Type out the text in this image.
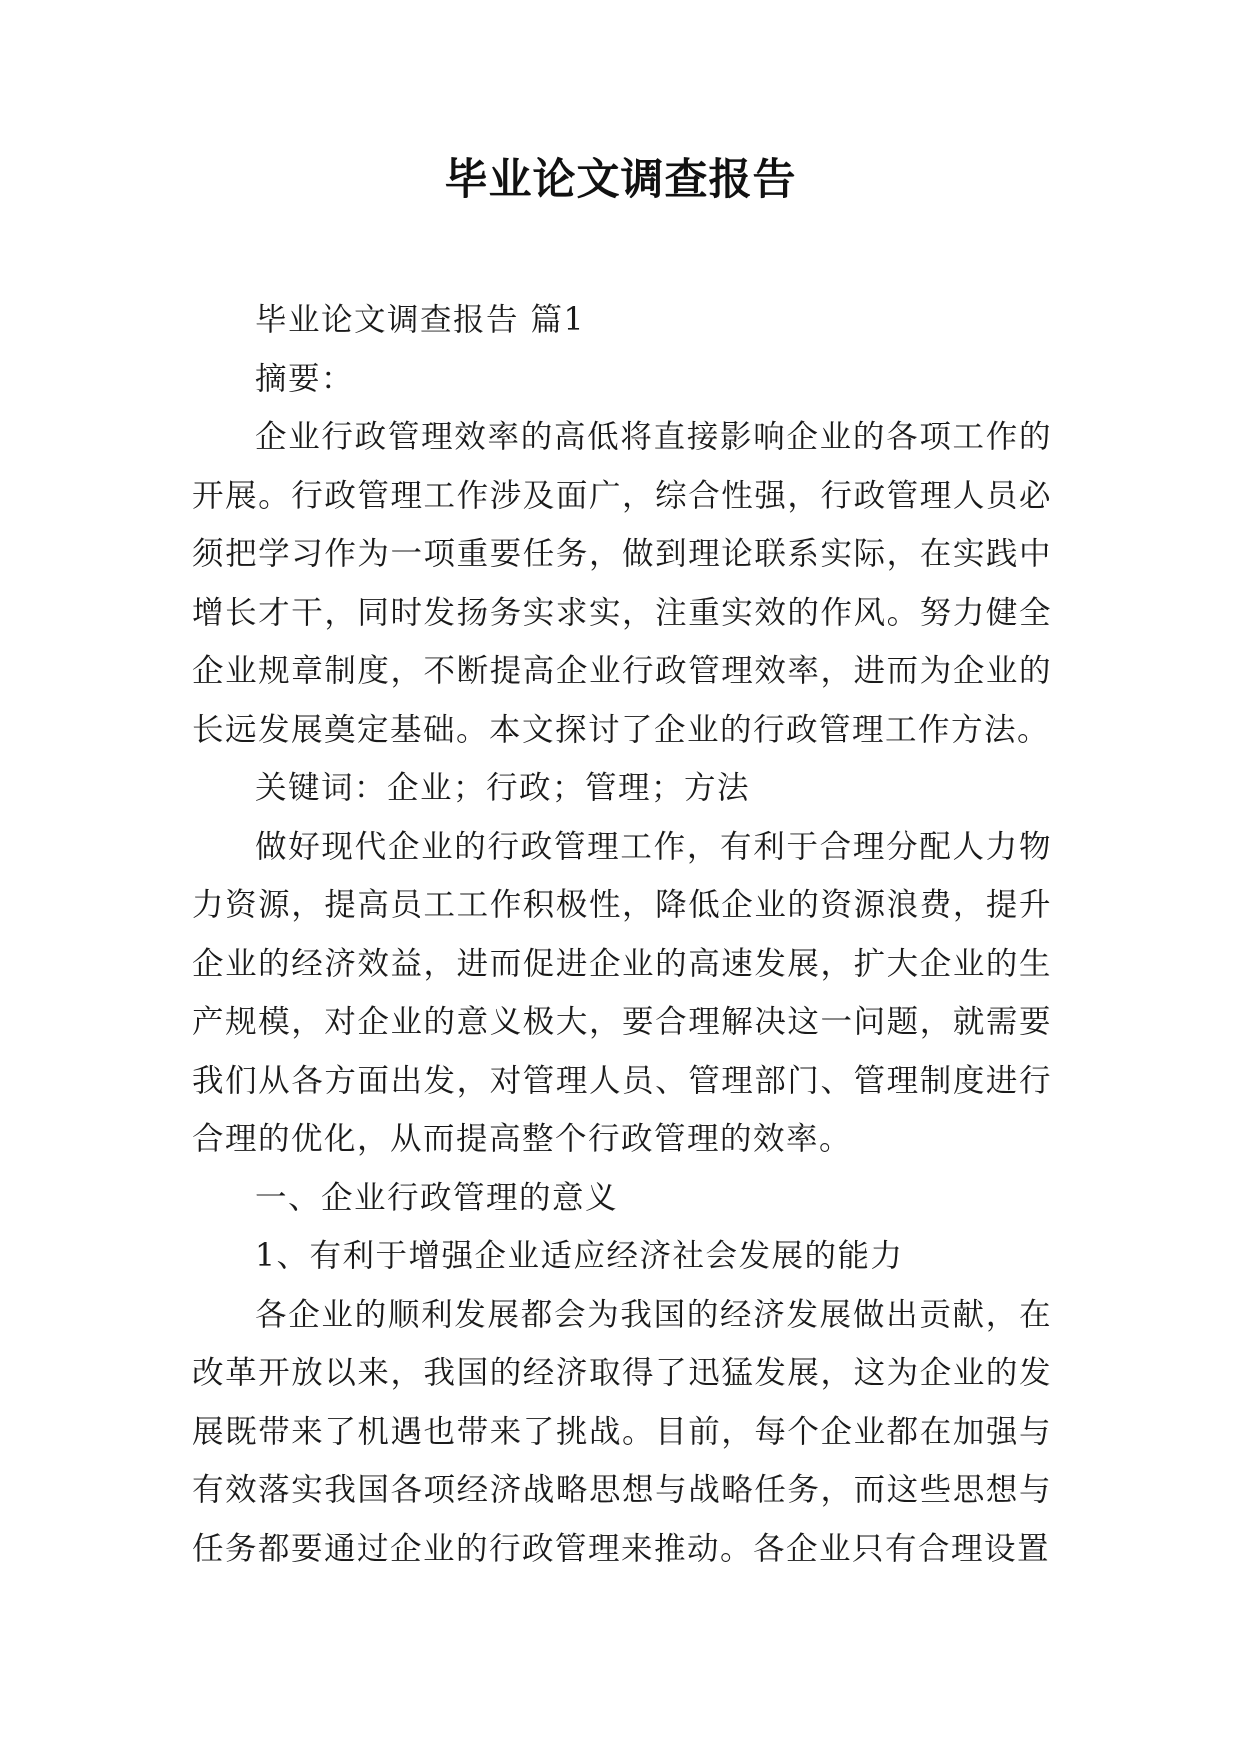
毕业论文调查报告

毕业论文调查报告 篇1

摘要：

企业行政管理效率的高低将直接影响企业的各项工作的开展。行政管理工作涉及面广，综合性强，行政管理人员必须把学习作为一项重要任务，做到理论联系实际，在实践中增长才干，同时发扬务实求实，注重实效的作风。努力健全企业规章制度，不断提高企业行政管理效率，进而为企业的长远发展奠定基础。本文探讨了企业的行政管理工作方法。

关键词：企业；行政；管理；方法

做好现代企业的行政管理工作，有利于合理分配人力物力资源，提高员工工作积极性，降低企业的资源浪费，提升企业的经济效益，进而促进企业的高速发展，扩大企业的生产规模，对企业的意义极大，要合理解决这一问题，就需要我们从各方面出发，对管理人员、管理部门、管理制度进行合理的优化，从而提高整个行政管理的效率。

一、企业行政管理的意义

1、有利于增强企业适应经济社会发展的能力

各企业的顺利发展都会为我国的经济发展做出贡献，在改革开放以来，我国的经济取得了迅猛发展，这为企业的发展既带来了机遇也带来了挑战。目前，每个企业都在加强与有效落实我国各项经济战略思想与战略任务，而这些思想与任务都要通过企业的行政管理来推动。各企业只有合理设置
